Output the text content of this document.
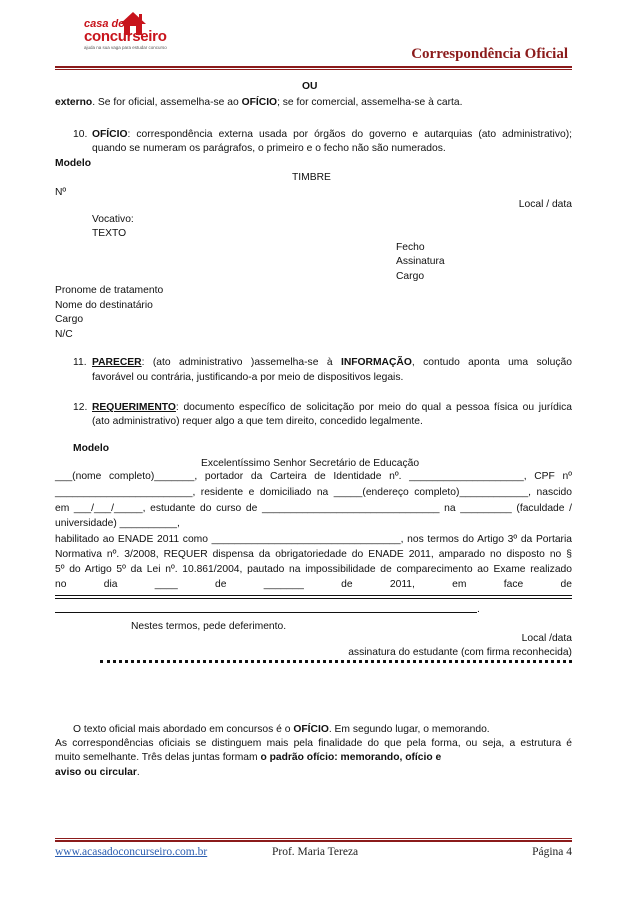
casa do
concurseiro
ajuda na sua vaga para estudar concurso	Correspondência Oficial
OU
externo. Se for oficial, assemelha-se ao OFÍCIO; se for comercial, assemelha-se à carta.
10. OFÍCIO: correspondência externa usada por órgãos do governo e autarquias (ato administrativo);
quando se numeram os parágrafos, o primeiro e o fecho não são numerados.
Modelo
TIMBRE
Nº
Local / data
Vocativo:
TEXTO
Fecho
Assinatura
Cargo
Pronome de tratamento
Nome do destinatário
Cargo
N/C
11. PARECER: (ato administrativo )assemelha-se à INFORMAÇÃO, contudo aponta uma solução
favorável ou contrária, justificando-a por meio de dispositivos legais.
12. REQUERIMENTO: documento específico de solicitação por meio do qual a pessoa física ou jurídica
(ato administrativo) requer algo a que tem direito, concedido legalmente.
Modelo
Excelentíssimo Senhor Secretário de Educação
___(nome completo)_______, portador da Carteira de Identidade nº. ____________________, CPF nº
________________________, residente e domiciliado na _____(endereço completo)____________, nascido
em ___/___/_____, estudante do curso de _______________________________ na _________ (faculdade /
universidade) __________,
habilitado ao ENADE 2011 como _________________________________, nos termos do Artigo 3º da Portaria
Normativa nº. 3/2008, REQUER dispensa da obrigatoriedade do ENADE 2011, amparado no disposto no §
5º do Artigo 5º da Lei nº. 10.861/2004, pautado na impossibilidade de comparecimento ao Exame realizado
no	dia	____	de	_______	de	2011,	em	face	de
.
Nestes termos, pede deferimento.
Local /data
assinatura do estudante (com firma reconhecida)
O texto oficial mais abordado em concursos é o OFÍCIO. Em segundo lugar, o memorando.
As correspondências oficiais se distinguem mais pela finalidade do que pela forma, ou seja, a estrutura é
muito semelhante. Três delas juntas formam o padrão ofício: memorando, ofício e
aviso ou circular.
www.acasadoconcurseiro.com.br	Prof. Maria Tereza	Página 4
